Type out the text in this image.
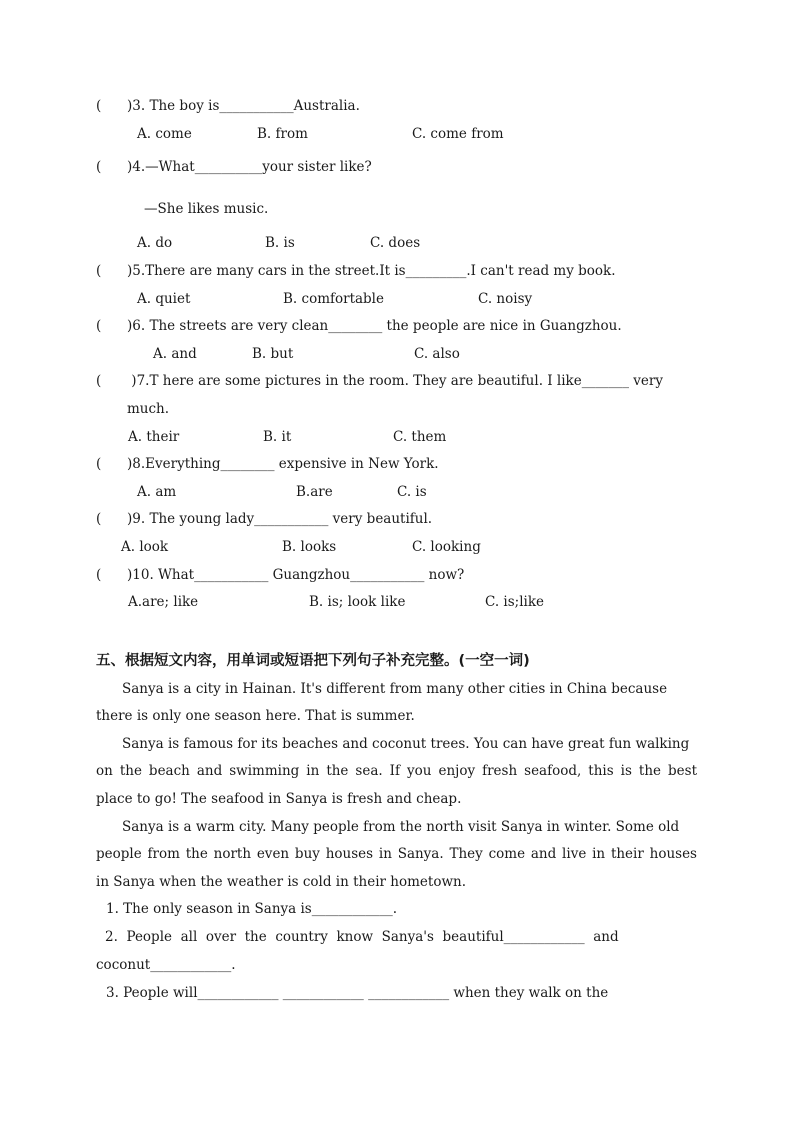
(      )3. The boy is___________Australia.
A. come	B. from	C. come from
(      )4.—What__________your sister like?
—She likes music.
A. do	B. is	C. does
(      )5.There are many cars in the street.It is_________.I can't read my book.
A. quiet	B. comfortable	C. noisy
(      )6. The streets are very clean________ the people are nice in Guangzhou.
A. and	B. but	C. also
(       )7.T here are some pictures in the room. They are beautiful. I like_______ very
much.
A. their	B. it	C. them
(      )8.Everything________ expensive in New York.
A. am	B.are	C. is
(      )9. The young lady___________ very beautiful.
A. look	B. looks	C. looking
(      )10. What___________ Guangzhou___________ now?
A.are; like	B. is; look like	C. is;like
五、根据短文内容，用单词或短语把下列句子补充完整。(一空一词)
Sanya is a city in Hainan. It's different from many other cities in China because
there is only one season here. That is summer.
Sanya is famous for its beaches and coconut trees. You can have great fun walking
on the beach and swimming in the sea. If you enjoy fresh seafood, this is the best
place to go! The seafood in Sanya is fresh and cheap.
Sanya is a warm city. Many people from the north visit Sanya in winter. Some old
people from the north even buy houses in Sanya. They come and live in their houses
in Sanya when the weather is cold in their hometown.
1. The only season in Sanya is____________.
2.  People  all  over  the  country  know  Sanya's  beautiful____________  and
coconut____________.
3. People will____________ ____________ ____________ when they walk on the
